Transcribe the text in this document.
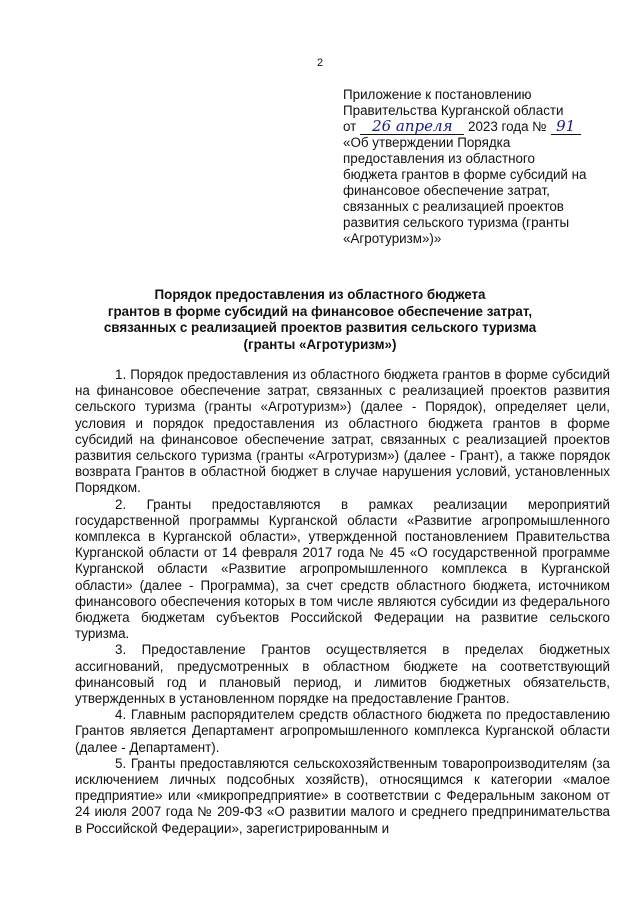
2
Приложение к постановлению
Правительства Курганской области
от 26 апреля 2023 года № 91
«Об утверждении Порядка
предоставления из областного
бюджета грантов в форме субсидий на
финансовое обеспечение затрат,
связанных с реализацией проектов
развития сельского туризма (гранты
«Агротуризм»)»
Порядок предоставления из областного бюджета
грантов в форме субсидий на финансовое обеспечение затрат,
связанных с реализацией проектов развития сельского туризма
(гранты «Агротуризм»)

1. Порядок предоставления из областного бюджета грантов в форме субсидий на финансовое обеспечение затрат, связанных с реализацией проектов развития сельского туризма (гранты «Агротуризм») (далее - Порядок), определяет цели, условия и порядок предоставления из областного бюджета грантов в форме субсидий на финансовое обеспечение затрат, связанных с реализацией проектов развития сельского туризма (гранты «Агротуризм») (далее - Грант), а также порядок возврата Грантов в областной бюджет в случае нарушения условий, установленных Порядком.

2. Гранты предоставляются в рамках реализации мероприятий государственной программы Курганской области «Развитие агропромышленного комплекса в Курганской области», утвержденной постановлением Правительства Курганской области от 14 февраля 2017 года № 45 «О государственной программе Курганской области «Развитие агропромышленного комплекса в Курганской области» (далее - Программа), за счет средств областного бюджета, источником финансового обеспечения которых в том числе являются субсидии из федерального бюджета бюджетам субъектов Российской Федерации на развитие сельского туризма.

3. Предоставление Грантов осуществляется в пределах бюджетных ассигнований, предусмотренных в областном бюджете на соответствующий финансовый год и плановый период, и лимитов бюджетных обязательств, утвержденных в установленном порядке на предоставление Грантов.

4. Главным распорядителем средств областного бюджета по предоставлению Грантов является Департамент агропромышленного комплекса Курганской области (далее - Департамент).

5. Гранты предоставляются сельскохозяйственным товаропроизводителям (за исключением личных подсобных хозяйств), относящимся к категории «малое предприятие» или «микропредприятие» в соответствии с Федеральным законом от 24 июля 2007 года № 209-ФЗ «О развитии малого и среднего предпринимательства в Российской Федерации», зарегистрированным и
